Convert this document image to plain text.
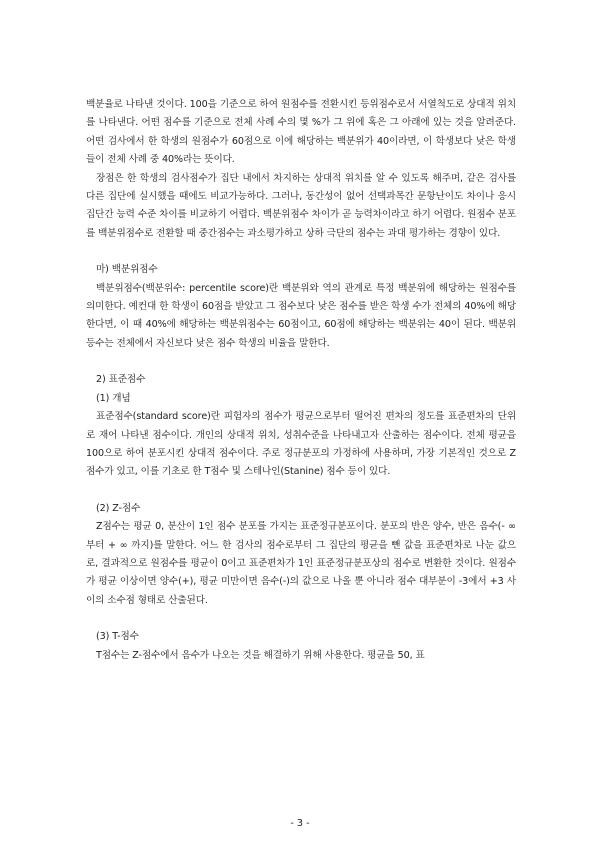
백분율로 나타낸 것이다. 100을 기준으로 하여 원점수를 전환시킨 등위점수로서 서열척도로 상대적 위치를 나타낸다. 어떤 점수를 기준으로 전체 사례 수의 몇 %가 그 위에 혹은 그 아래에 있는 것을 알려준다. 어떤 검사에서 한 학생의 원점수가 60점으로 이에 해당하는 백분위가 40이라면, 이 학생보다 낮은 학생들이 전체 사례 중 40%라는 뜻이다.

장점은 한 학생의 검사점수가 집단 내에서 차지하는 상대적 위치를 알 수 있도록 해주며, 같은 검사를 다른 집단에 실시했을 때에도 비교가능하다. 그러나, 동간성이 없어 선택과목간 문항난이도 차이나 응시집단간 능력 수준 차이를 비교하기 어렵다. 백분위점수 차이가 곧 능력차이라고 하기 어렵다. 원점수 분포를 백분위점수로 전환할 때 중간점수는 과소평가하고 상하 극단의 점수는 과대 평가하는 경향이 있다.

마) 백분위점수

백분위점수(백분위수: percentile score)란 백분위와 역의 관계로 특정 백분위에 해당하는 원점수를 의미한다. 예컨대 한 학생이 60점을 받았고 그 점수보다 낮은 점수를 받은 학생 수가 전체의 40%에 해당한다면, 이 때 40%에 해당하는 백분위점수는 60점이고, 60점에 해당하는 백분위는 40이 된다. 백분위 등수는 전체에서 자신보다 낮은 점수 학생의 비율을 말한다.

2) 표준점수

(1) 개념

표준점수(standard score)란 피험자의 점수가 평균으로부터 떨어진 편차의 정도를 표준편차의 단위로 재어 나타낸 점수이다. 개인의 상대적 위치, 성취수준을 나타내고자 산출하는 점수이다. 전체 평균을 100으로 하여 분포시킨 상대적 점수이다. 주로 정규분포의 가정하에 사용하며, 가장 기본적인 것으로 Z점수가 있고, 이를 기초로 한 T점수 및 스테나인(Stanine) 점수 등이 있다.

(2) Z-점수

Z점수는 평균 0, 분산이 1인 점수 분포를 가지는 표준정규분포이다. 분포의 반은 양수, 반은 음수(- ∞ 부터 + ∞ 까지)를 말한다. 어느 한 검사의 점수로부터 그 집단의 평균을 뺀 값을 표준편차로 나눈 값으로, 결과적으로 원점수를 평균이 0이고 표준편차가 1인 표준정규분포상의 점수로 변환한 것이다. 원점수가 평균 이상이면 양수(+), 평균 미만이면 음수(-)의 값으로 나올 뿐 아니라 점수 대부분이 -3에서 +3 사이의 소수점 형태로 산출된다.

(3) T-점수

T점수는 Z-점수에서 음수가 나오는 것을 해결하기 위해 사용한다. 평균을 50, 표

- 3 -
